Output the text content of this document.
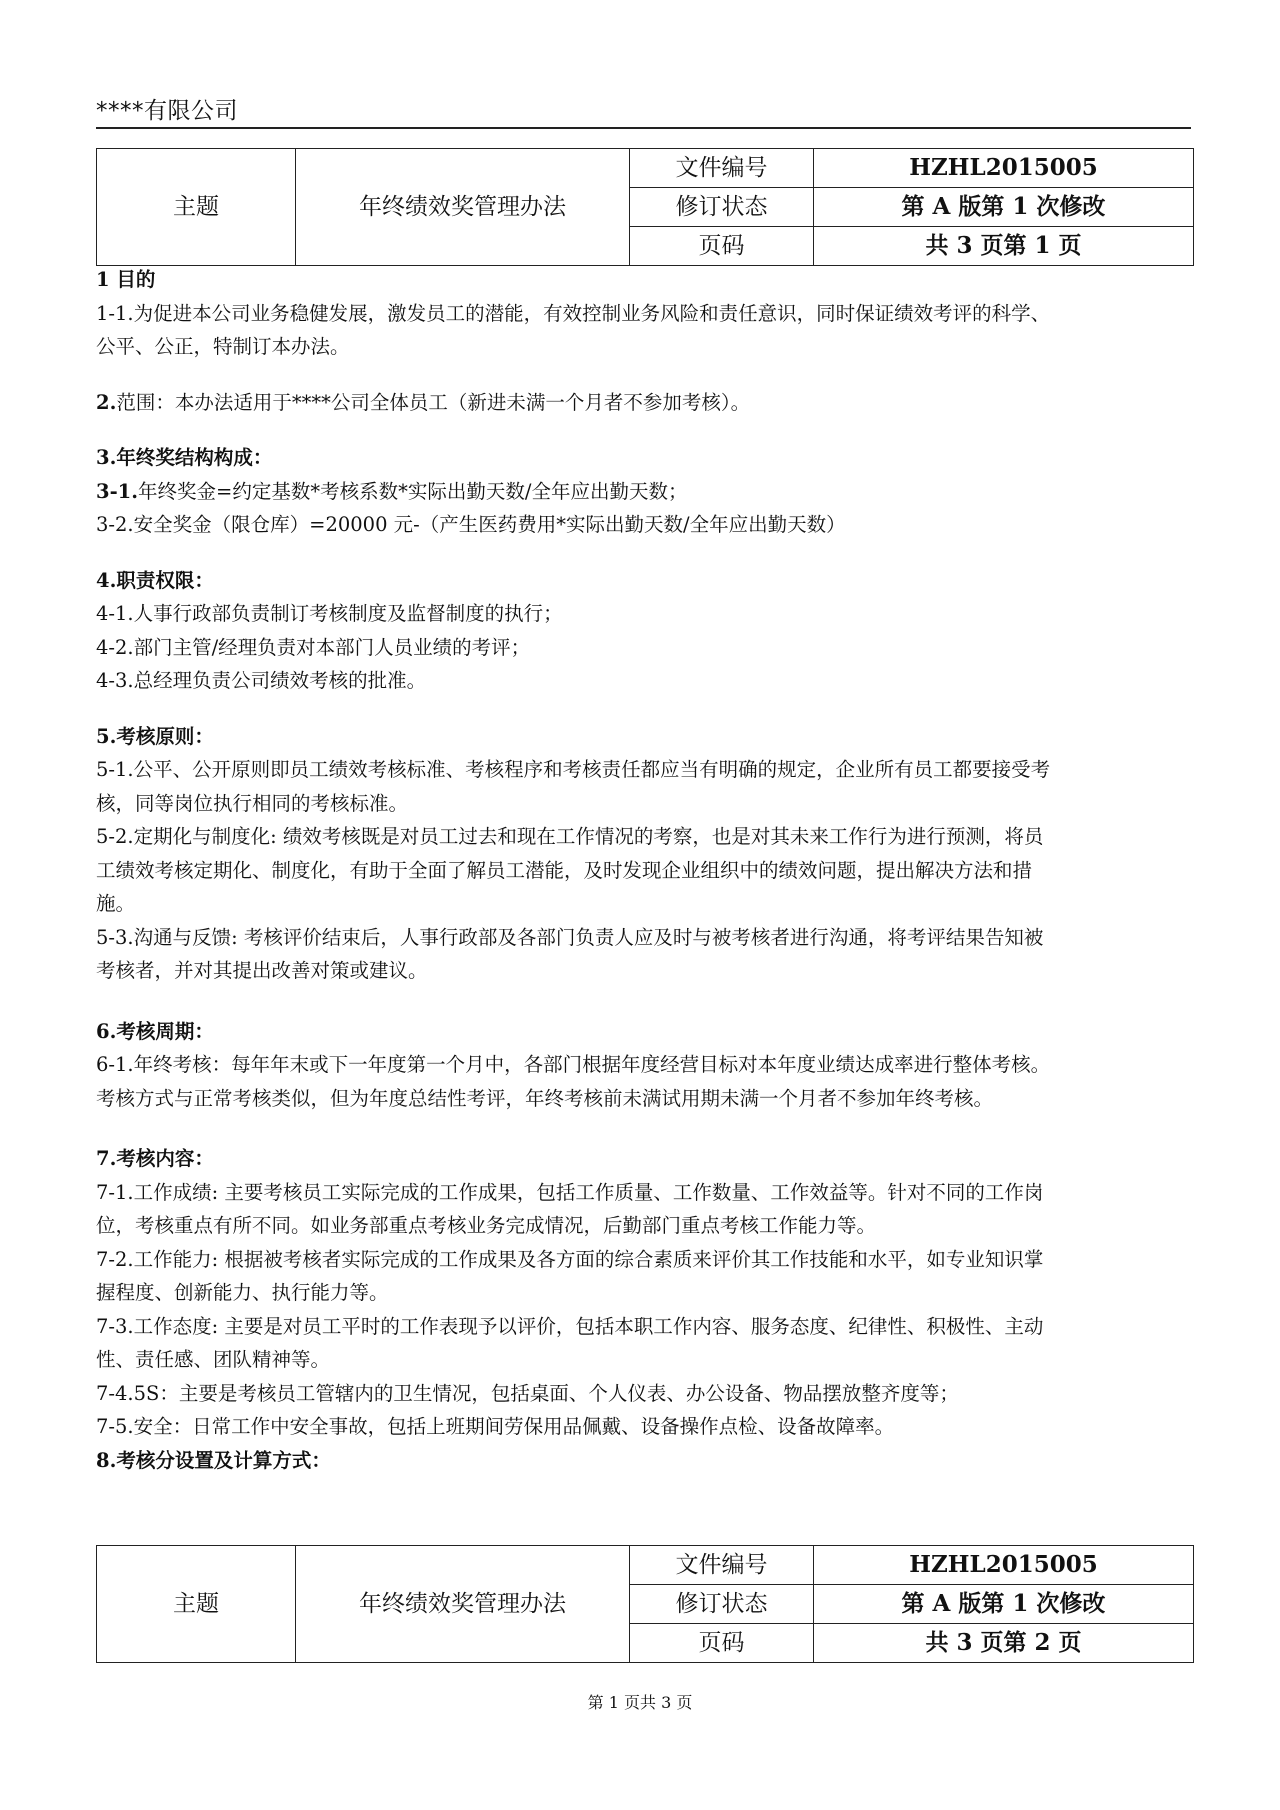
****有限公司
主题	年终绩效奖管理办法	文件编号	HZHL2015005
		修订状态	第 A 版第 1 次修改
		页码	共 3 页第 1 页

1 目的

1-1.为促进本公司业务稳健发展，激发员工的潜能，有效控制业务风险和责任意识，同时保证绩效考评的科学、

公平、公正，特制订本办法。

2.范围：本办法适用于****公司全体员工（新进未满一个月者不参加考核）。

3.年终奖结构构成：

3-1.年终奖金=约定基数*考核系数*实际出勤天数/全年应出勤天数；

3-2.安全奖金（限仓库）=20000 元-（产生医药费用*实际出勤天数/全年应出勤天数）

4.职责权限：

4-1.人事行政部负责制订考核制度及监督制度的执行；

4-2.部门主管/经理负责对本部门人员业绩的考评；

4-3.总经理负责公司绩效考核的批准。

5.考核原则：

5-1.公平、公开原则即员工绩效考核标准、考核程序和考核责任都应当有明确的规定，企业所有员工都要接受考

核，同等岗位执行相同的考核标准。

5-2.定期化与制度化: 绩效考核既是对员工过去和现在工作情况的考察，也是对其未来工作行为进行预测，将员

工绩效考核定期化、制度化，有助于全面了解员工潜能，及时发现企业组织中的绩效问题，提出解决方法和措

施。

5-3.沟通与反馈: 考核评价结束后，人事行政部及各部门负责人应及时与被考核者进行沟通，将考评结果告知被

考核者，并对其提出改善对策或建议。

6.考核周期：

6-1.年终考核：每年年末或下一年度第一个月中，各部门根据年度经营目标对本年度业绩达成率进行整体考核。

考核方式与正常考核类似，但为年度总结性考评，年终考核前未满试用期未满一个月者不参加年终考核。

7.考核内容：

7-1.工作成绩: 主要考核员工实际完成的工作成果，包括工作质量、工作数量、工作效益等。针对不同的工作岗

位，考核重点有所不同。如业务部重点考核业务完成情况，后勤部门重点考核工作能力等。

7-2.工作能力: 根据被考核者实际完成的工作成果及各方面的综合素质来评价其工作技能和水平，如专业知识掌

握程度、创新能力、执行能力等。

7-3.工作态度: 主要是对员工平时的工作表现予以评价，包括本职工作内容、服务态度、纪律性、积极性、主动

性、责任感、团队精神等。

7-4.5S：主要是考核员工管辖内的卫生情况，包括桌面、个人仪表、办公设备、物品摆放整齐度等；

7-5.安全：日常工作中安全事故，包括上班期间劳保用品佩戴、设备操作点检、设备故障率。

8.考核分设置及计算方式：

主题	年终绩效奖管理办法	文件编号	HZHL2015005
		修订状态	第 A 版第 1 次修改
		页码	共 3 页第 2 页
第 1 页共 3 页
